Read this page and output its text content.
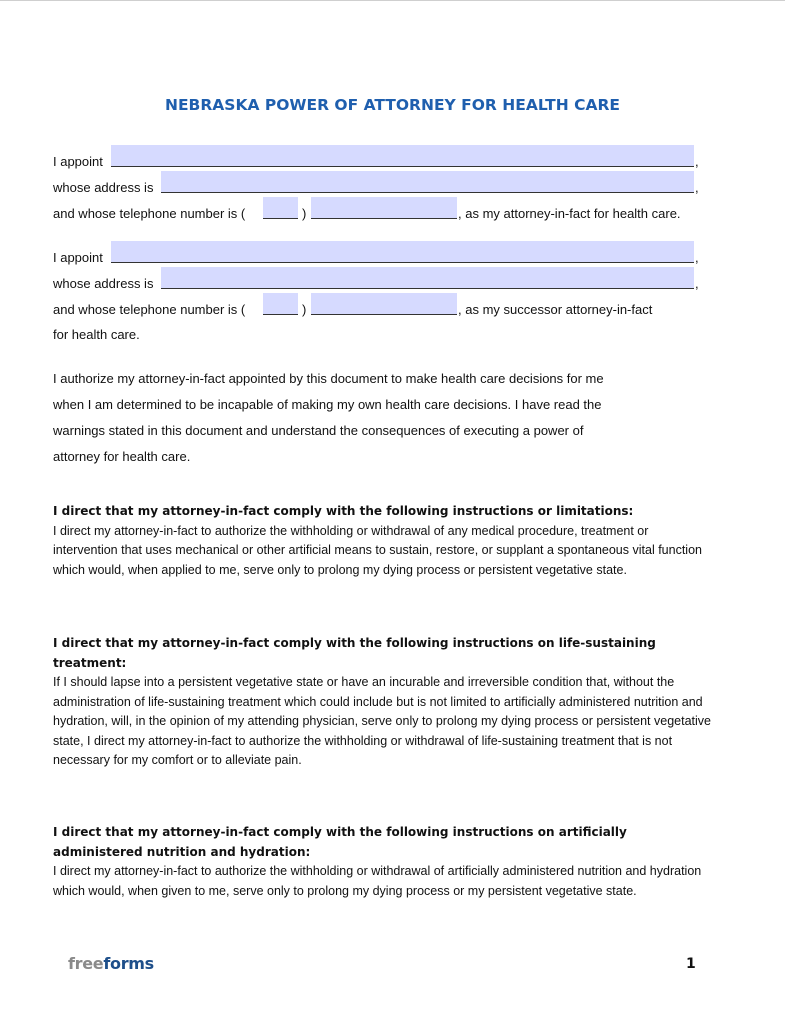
NEBRASKA POWER OF ATTORNEY FOR HEALTH CARE
I appoint	,
whose address is	,
and whose telephone number is (	)	, as my attorney-in-fact for health care.
I appoint	,
whose address is	,
and whose telephone number is (	)	, as my successor attorney-in-fact
for health care.

I authorize my attorney-in-fact appointed by this document to make health care decisions for me

when I am determined to be incapable of making my own health care decisions. I have read the

warnings stated in this document and understand the consequences of executing a power of

attorney for health care.

I direct that my attorney-in-fact comply with the following instructions or limitations:
I direct my attorney-in-fact to authorize the withholding or withdrawal of any medical procedure, treatment or intervention that uses mechanical or other artificial means to sustain, restore, or supplant a spontaneous vital function which would, when applied to me, serve only to prolong my dying process or persistent vegetative state.
I direct that my attorney-in-fact comply with the following instructions on life-sustaining treatment:
If I should lapse into a persistent vegetative state or have an incurable and irreversible condition that, without the administration of life-sustaining treatment which could include but is not limited to artificially administered nutrition and hydration, will, in the opinion of my attending physician, serve only to prolong my dying process or persistent vegetative state, I direct my attorney-in-fact to authorize the withholding or withdrawal of life-sustaining treatment that is not necessary for my comfort or to alleviate pain.
I direct that my attorney-in-fact comply with the following instructions on artificially administered nutrition and hydration:
I direct my attorney-in-fact to authorize the withholding or withdrawal of artificially administered nutrition and hydration which would, when given to me, serve only to prolong my dying process or my persistent vegetative state.
freeforms	1
